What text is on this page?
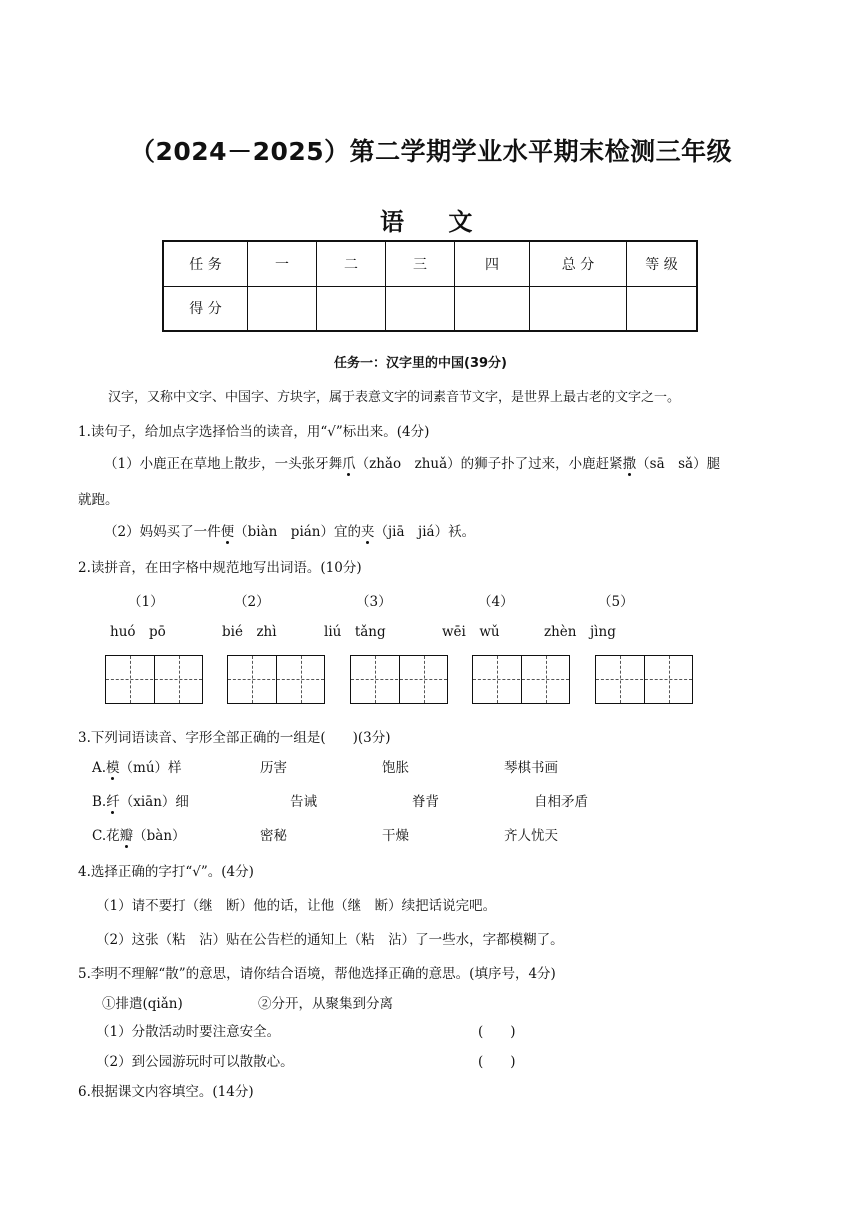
（2024－2025）第二学期学业水平期末检测三年级
语 文
任 务	一	二	三	四	总 分	等 级
得 分						
任务一：汉字里的中国(39分)
汉字，又称中文字、中国字、方块字，属于表意文字的词素音节文字，是世界上最古老的文字之一。
1.读句子，给加点字选择恰当的读音，用“√”标出来。(4分)
（1）小鹿正在草地上散步，一头张牙舞爪（zhǎo　zhuǎ）的狮子扑了过来，小鹿赶紧撒（sā　sǎ）腿
就跑。
（2）妈妈买了一件便（biàn　pián）宜的夹（jiā　jiá）袄。
2.读拼音，在田字格中规范地写出词语。(10分)
（1）
huó　pō
（2）
bié　zhì
（3）
liú　tǎng
（4）
wēi　wǔ
（5）
zhèn　jìng
3.下列词语读音、字形全部正确的一组是(　　)(3分)
A.模（mú）样	历害	饱胀	琴棋书画
B.纤（xiān）细	告诫	脊背	自相矛盾
C.花瓣（bàn）	密秘	干燥	齐人忧天
4.选择正确的字打“√”。(4分)
（1）请不要打（继　断）他的话，让他（继　断）续把话说完吧。
（2）这张（粘　沾）贴在公告栏的通知上（粘　沾）了一些水，字都模糊了。
5.李明不理解“散”的意思，请你结合语境，帮他选择正确的意思。(填序号，4分)
①排遣(qiǎn)	②分开，从聚集到分离
（1）分散活动时要注意安全。	(　　)
（2）到公园游玩时可以散散心。	(　　)
6.根据课文内容填空。(14分)
